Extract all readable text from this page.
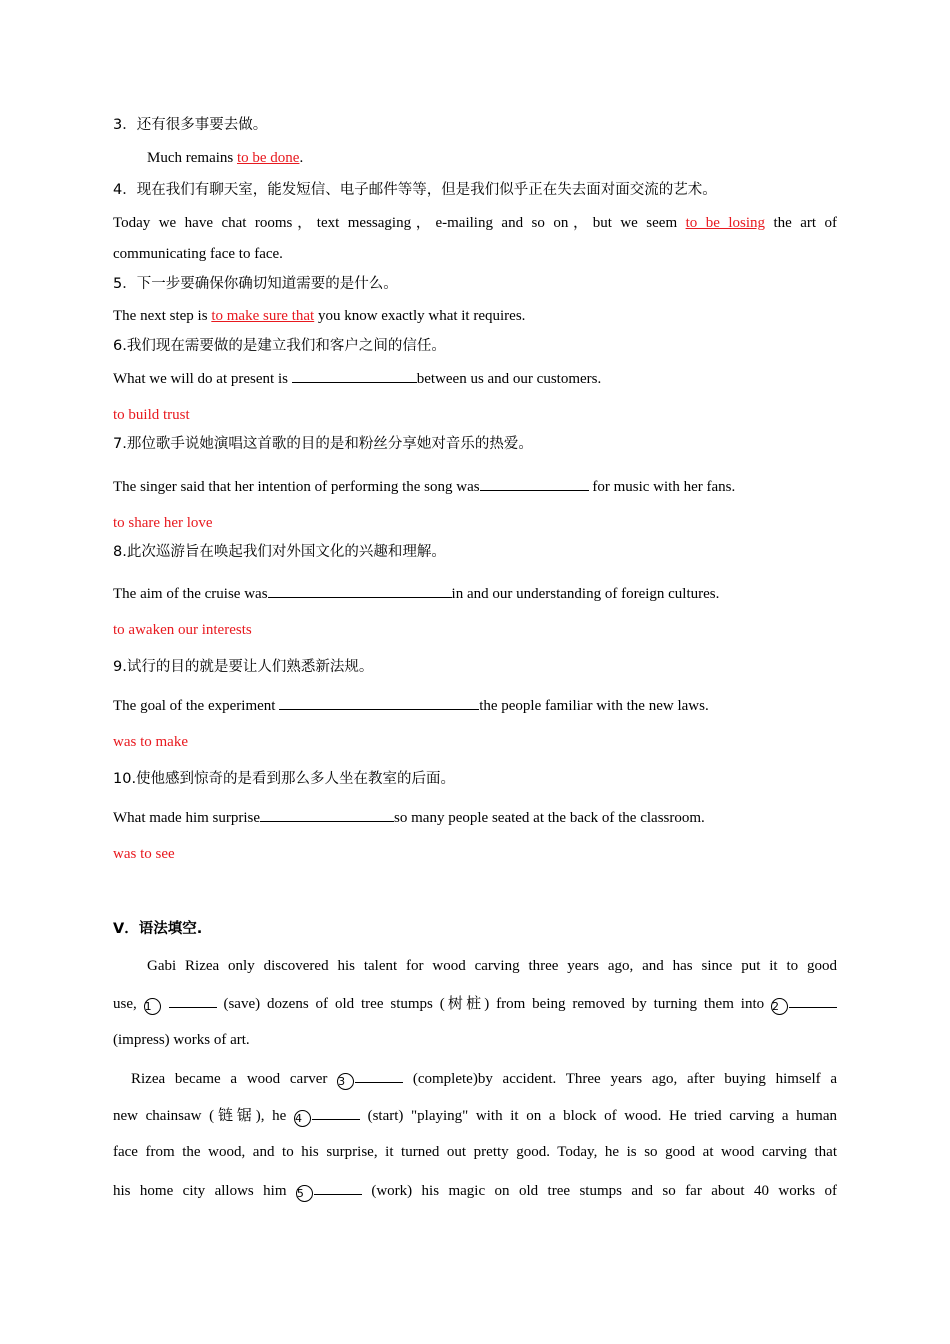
3．还有很多事要去做。
Much remains to be done.
4．现在我们有聊天室，能发短信、电子邮件等等，但是我们似乎正在失去面对面交流的艺术。
Today we have chat rooms，text messaging，e-mailing and so on，but we seem to be losing the art of
communicating face to face.
5．下一步要确保你确切知道需要的是什么。
The next step is to make sure that you know exactly what it requires.
6.我们现在需要做的是建立我们和客户之间的信任。
What we will do at present is	between us and our customers.
to build trust
7.那位歌手说她演唱这首歌的目的是和粉丝分享她对音乐的热爱。
The singer said that her intention of performing the song was	for music with her fans.
to share her love
8.此次巡游旨在唤起我们对外国文化的兴趣和理解。
The aim of the cruise was	in and our understanding of foreign cultures.
to awaken our interests
9.试行的目的就是要让人们熟悉新法规。
The goal of the experiment	the people familiar with the new laws.
was to make
10.使他感到惊奇的是看到那么多人坐在教室的后面。
What made him surprise	so many people seated at the back of the classroom.
was to see
V．语法填空.
Gabi Rizea only discovered his talent for wood carving three years ago, and has since put it to good
use, 1	(save) dozens of old tree stumps (树桩) from being removed by turning them into 2
(impress) works of art.
Rizea became a wood carver 3	(complete)by accident. Three years ago, after buying himself a
new chainsaw (链锯), he 4	(start) "playing" with it on a block of wood. He tried carving a human
face from the wood, and to his surprise, it turned out pretty good. Today, he is so good at wood carving that
his home city allows him 5	(work) his magic on old tree stumps and so far about 40 works of
